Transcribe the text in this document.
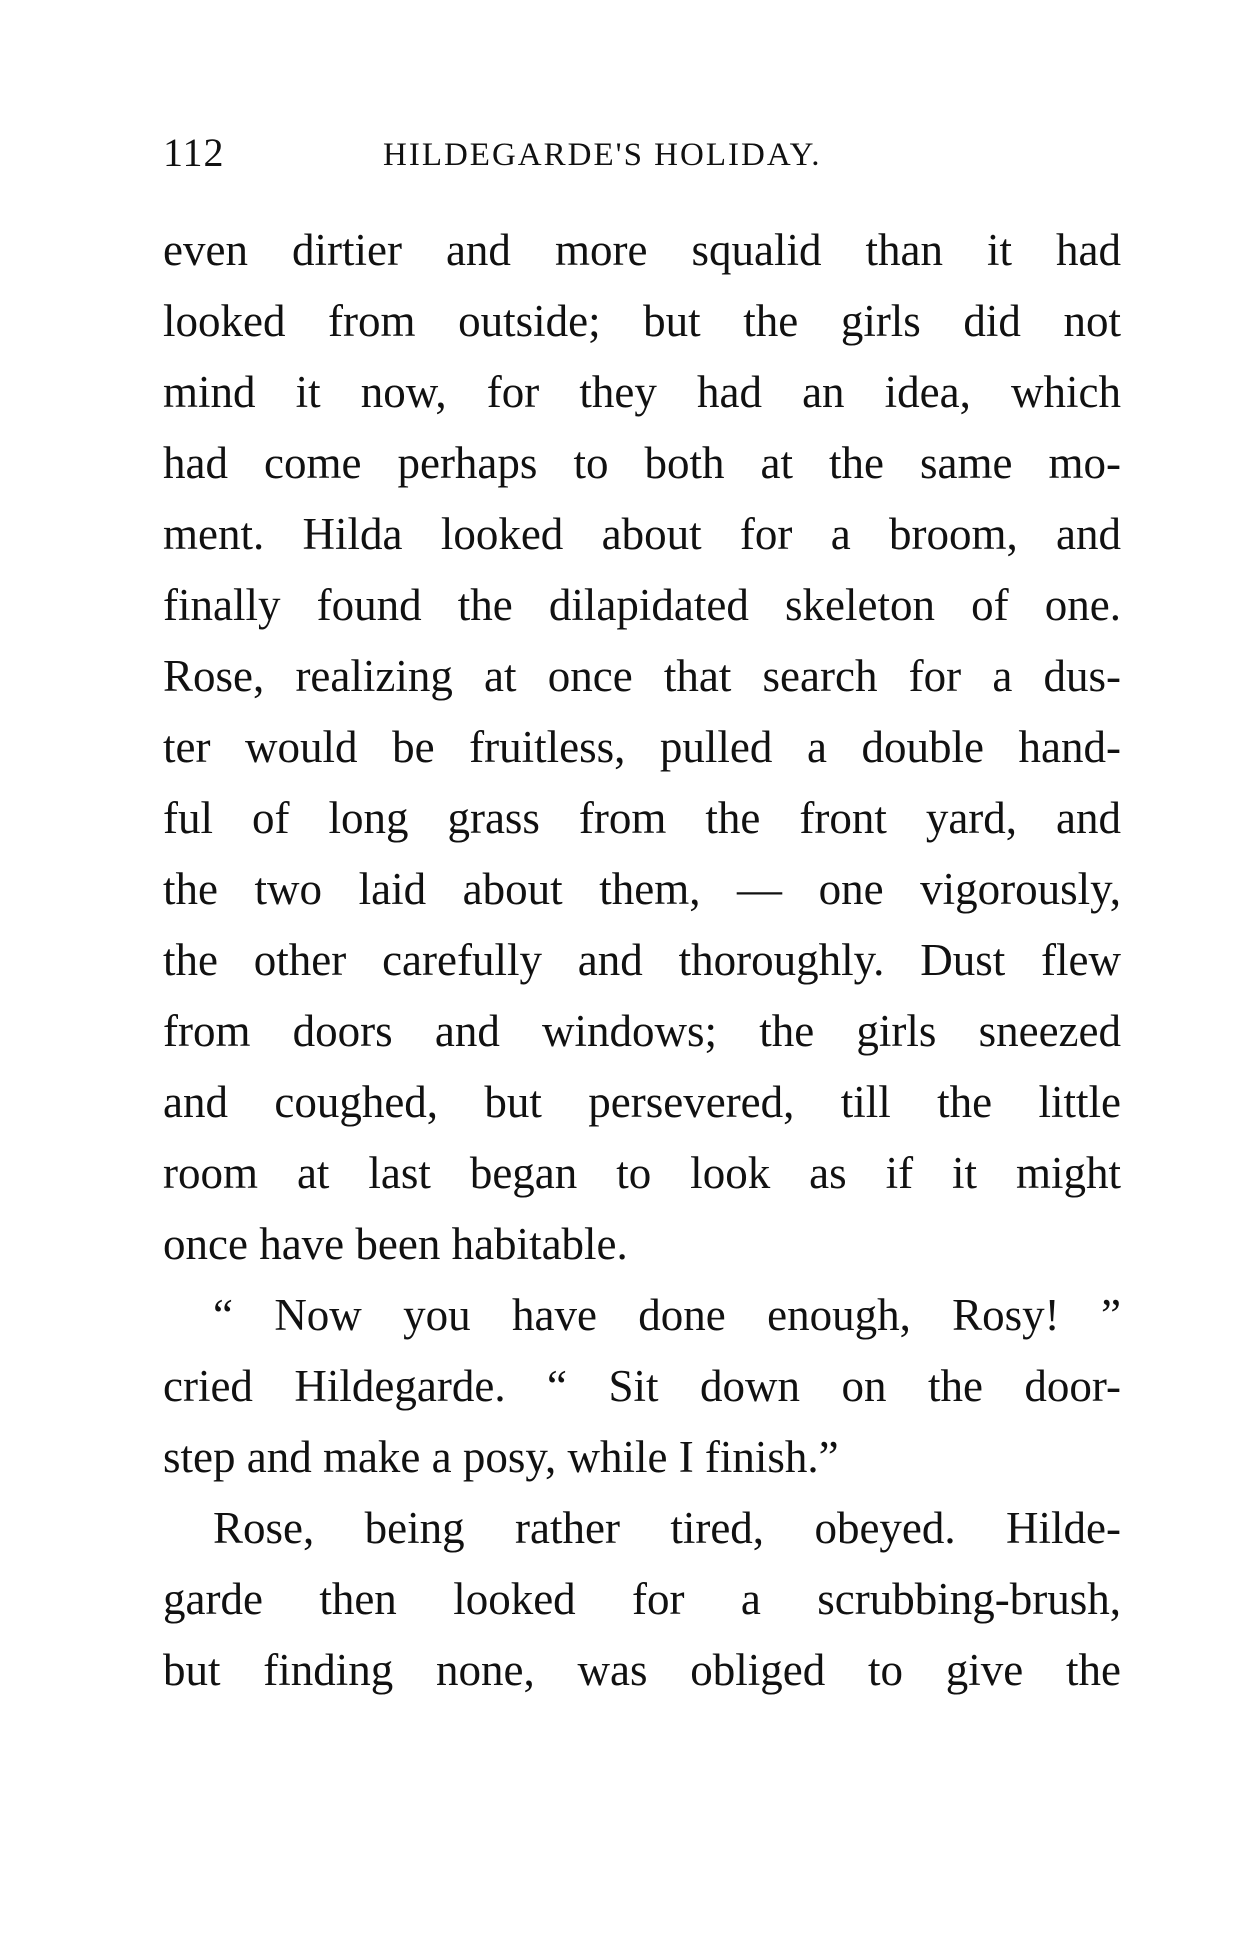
112	HILDEGARDE'S HOLIDAY.
even dirtier and more squalid than it had
looked from outside; but the girls did not
mind it now, for they had an idea, which
had come perhaps to both at the same mo-
ment. Hilda looked about for a broom, and
finally found the dilapidated skeleton of one.
Rose, realizing at once that search for a dus-
ter would be fruitless, pulled a double hand-
ful of long grass from the front yard, and
the two laid about them, — one vigorously,
the other carefully and thoroughly. Dust flew
from doors and windows; the girls sneezed
and coughed, but persevered, till the little
room at last began to look as if it might
once have been habitable.
“ Now you have done enough, Rosy! ”
cried Hildegarde. “ Sit down on the door-
step and make a posy, while I finish.”
Rose, being rather tired, obeyed. Hilde-
garde then looked for a scrubbing-brush,
but finding none, was obliged to give the
